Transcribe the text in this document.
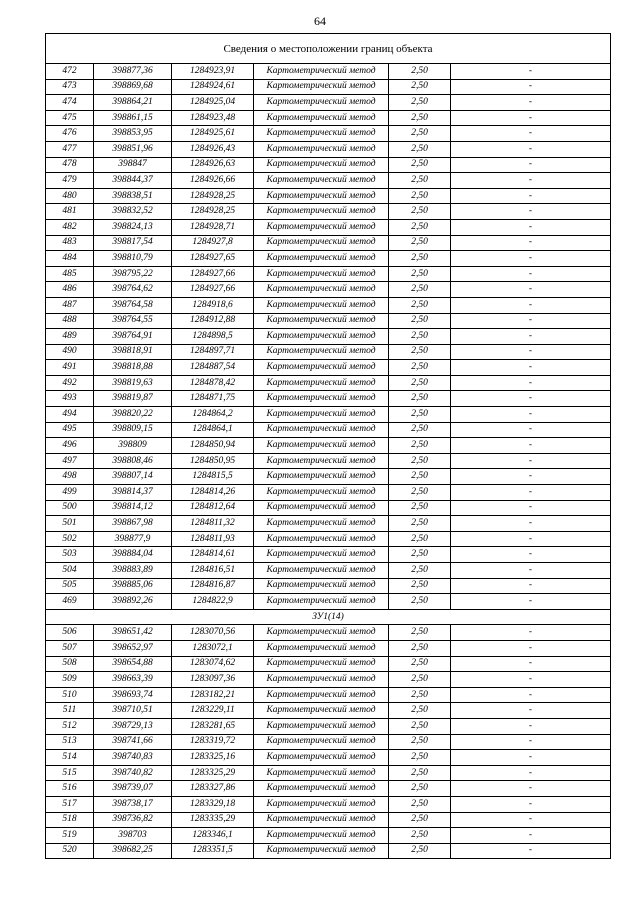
64
Сведения о местоположении границ объекта					
472	398877,36	1284923,91	Картометрический метод	2,50	-
473	398869,68	1284924,61	Картометрический метод	2,50	-
474	398864,21	1284925,04	Картометрический метод	2,50	-
475	398861,15	1284923,48	Картометрический метод	2,50	-
476	398853,95	1284925,61	Картометрический метод	2,50	-
477	398851,96	1284926,43	Картометрический метод	2,50	-
478	398847	1284926,63	Картометрический метод	2,50	-
479	398844,37	1284926,66	Картометрический метод	2,50	-
480	398838,51	1284928,25	Картометрический метод	2,50	-
481	398832,52	1284928,25	Картометрический метод	2,50	-
482	398824,13	1284928,71	Картометрический метод	2,50	-
483	398817,54	1284927,8	Картометрический метод	2,50	-
484	398810,79	1284927,65	Картометрический метод	2,50	-
485	398795,22	1284927,66	Картометрический метод	2,50	-
486	398764,62	1284927,66	Картометрический метод	2,50	-
487	398764,58	1284918,6	Картометрический метод	2,50	-
488	398764,55	1284912,88	Картометрический метод	2,50	-
489	398764,91	1284898,5	Картометрический метод	2,50	-
490	398818,91	1284897,71	Картометрический метод	2,50	-
491	398818,88	1284887,54	Картометрический метод	2,50	-
492	398819,63	1284878,42	Картометрический метод	2,50	-
493	398819,87	1284871,75	Картометрический метод	2,50	-
494	398820,22	1284864,2	Картометрический метод	2,50	-
495	398809,15	1284864,1	Картометрический метод	2,50	-
496	398809	1284850,94	Картометрический метод	2,50	-
497	398808,46	1284850,95	Картометрический метод	2,50	-
498	398807,14	1284815,5	Картометрический метод	2,50	-
499	398814,37	1284814,26	Картометрический метод	2,50	-
500	398814,12	1284812,64	Картометрический метод	2,50	-
501	398867,98	1284811,32	Картометрический метод	2,50	-
502	398877,9	1284811,93	Картометрический метод	2,50	-
503	398884,04	1284814,61	Картометрический метод	2,50	-
504	398883,89	1284816,51	Картометрический метод	2,50	-
505	398885,06	1284816,87	Картометрический метод	2,50	-
469	398892,26	1284822,9	Картометрический метод	2,50	-
ЗУ1(14)					
506	398651,42	1283070,56	Картометрический метод	2,50	-
507	398652,97	1283072,1	Картометрический метод	2,50	-
508	398654,88	1283074,62	Картометрический метод	2,50	-
509	398663,39	1283097,36	Картометрический метод	2,50	-
510	398693,74	1283182,21	Картометрический метод	2,50	-
511	398710,51	1283229,11	Картометрический метод	2,50	-
512	398729,13	1283281,65	Картометрический метод	2,50	-
513	398741,66	1283319,72	Картометрический метод	2,50	-
514	398740,83	1283325,16	Картометрический метод	2,50	-
515	398740,82	1283325,29	Картометрический метод	2,50	-
516	398739,07	1283327,86	Картометрический метод	2,50	-
517	398738,17	1283329,18	Картометрический метод	2,50	-
518	398736,82	1283335,29	Картометрический метод	2,50	-
519	398703	1283346,1	Картометрический метод	2,50	-
520	398682,25	1283351,5	Картометрический метод	2,50	-
